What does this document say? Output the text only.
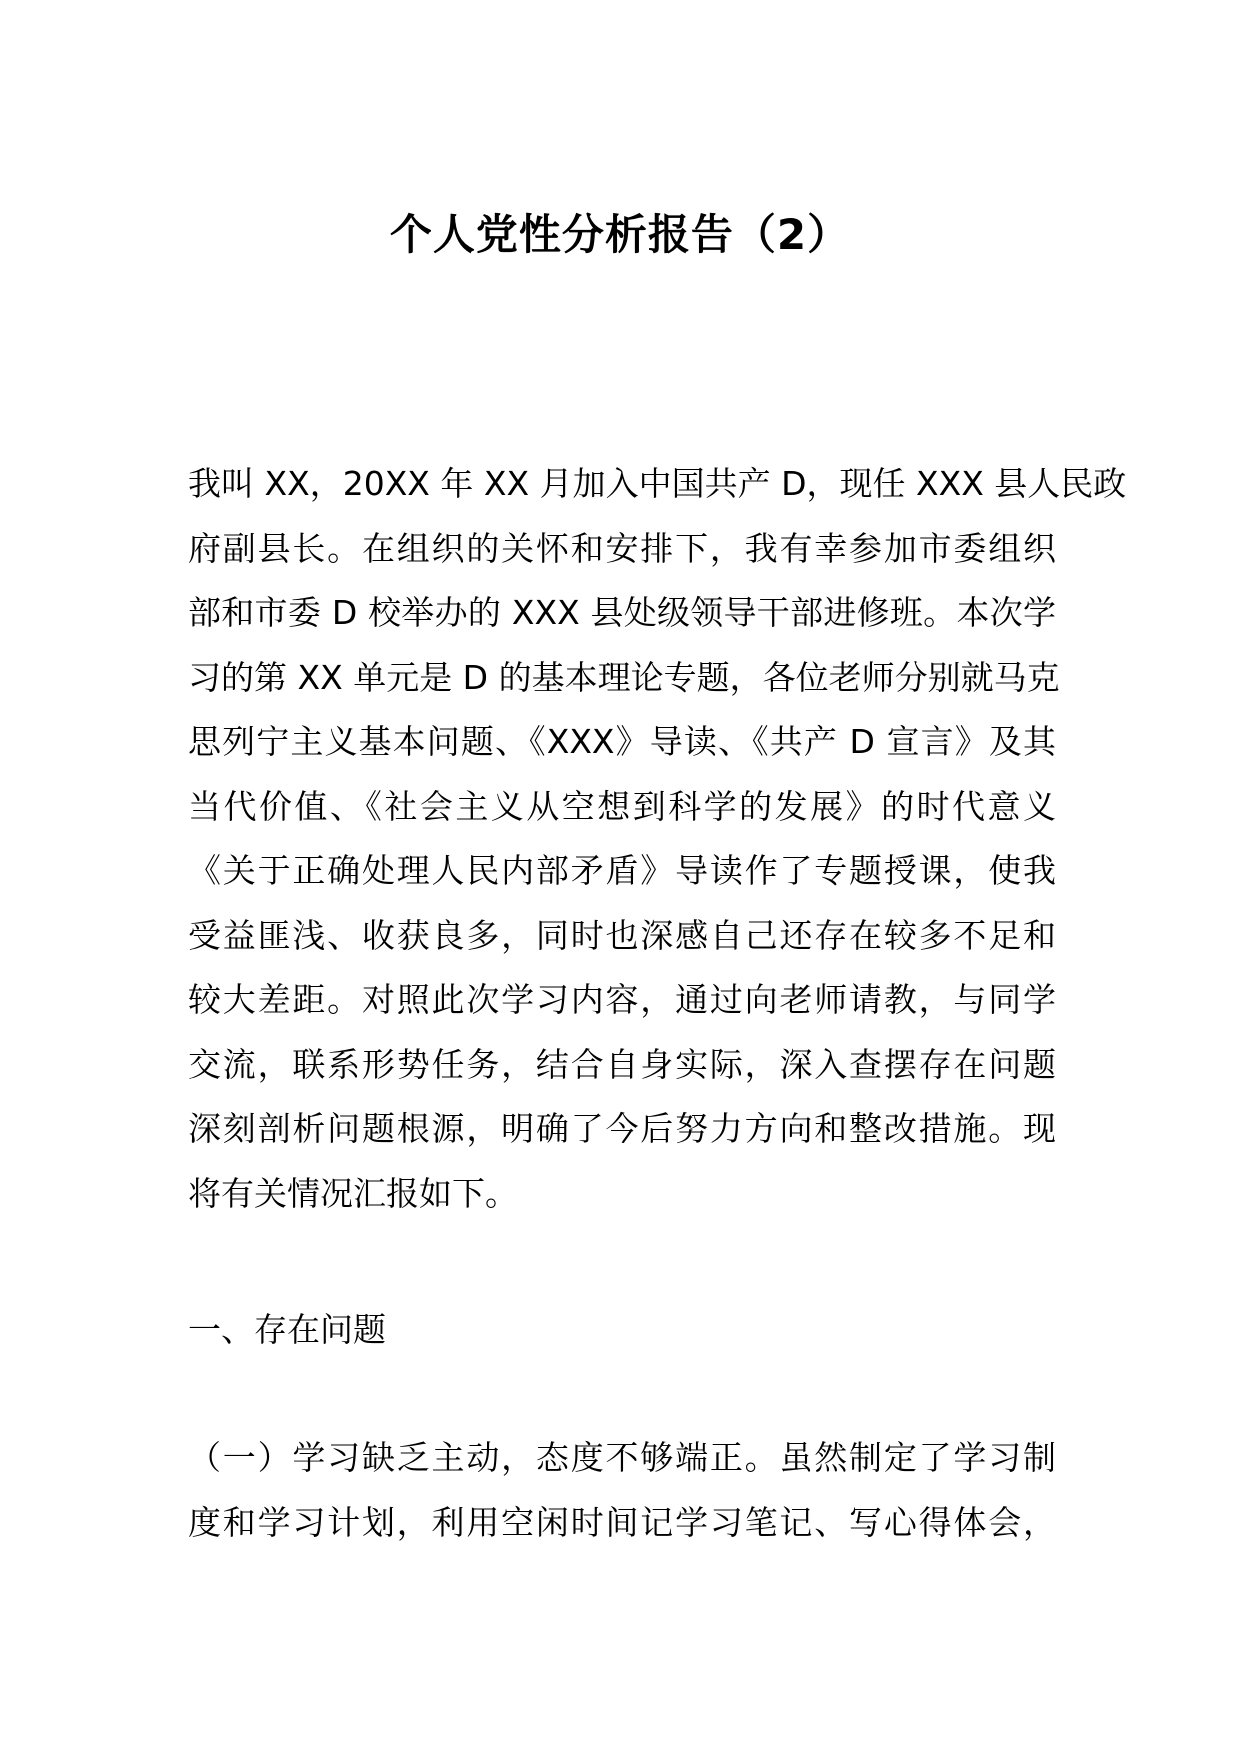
个人党性分析报告（2）
我叫 XX，20XX 年 XX 月加入中国共产 D，现任 XXX 县人民政
府副县长。在组织的关怀和安排下，我有幸参加市委组织
部和市委 D 校举办的 XXX 县处级领导干部进修班。本次学
习的第 XX 单元是 D 的基本理论专题，各位老师分别就马克
思列宁主义基本问题、《XXX》导读、《共产 D 宣言》及其
当代价值、《社会主义从空想到科学的发展》的时代意义
《关于正确处理人民内部矛盾》导读作了专题授课，使我
受益匪浅、收获良多，同时也深感自己还存在较多不足和
较大差距。对照此次学习内容，通过向老师请教，与同学
交流，联系形势任务，结合自身实际，深入查摆存在问题
深刻剖析问题根源，明确了今后努力方向和整改措施。现
将有关情况汇报如下。
一、存在问题
（一）学习缺乏主动，态度不够端正。虽然制定了学习制
度和学习计划，利用空闲时间记学习笔记、写心得体会，
